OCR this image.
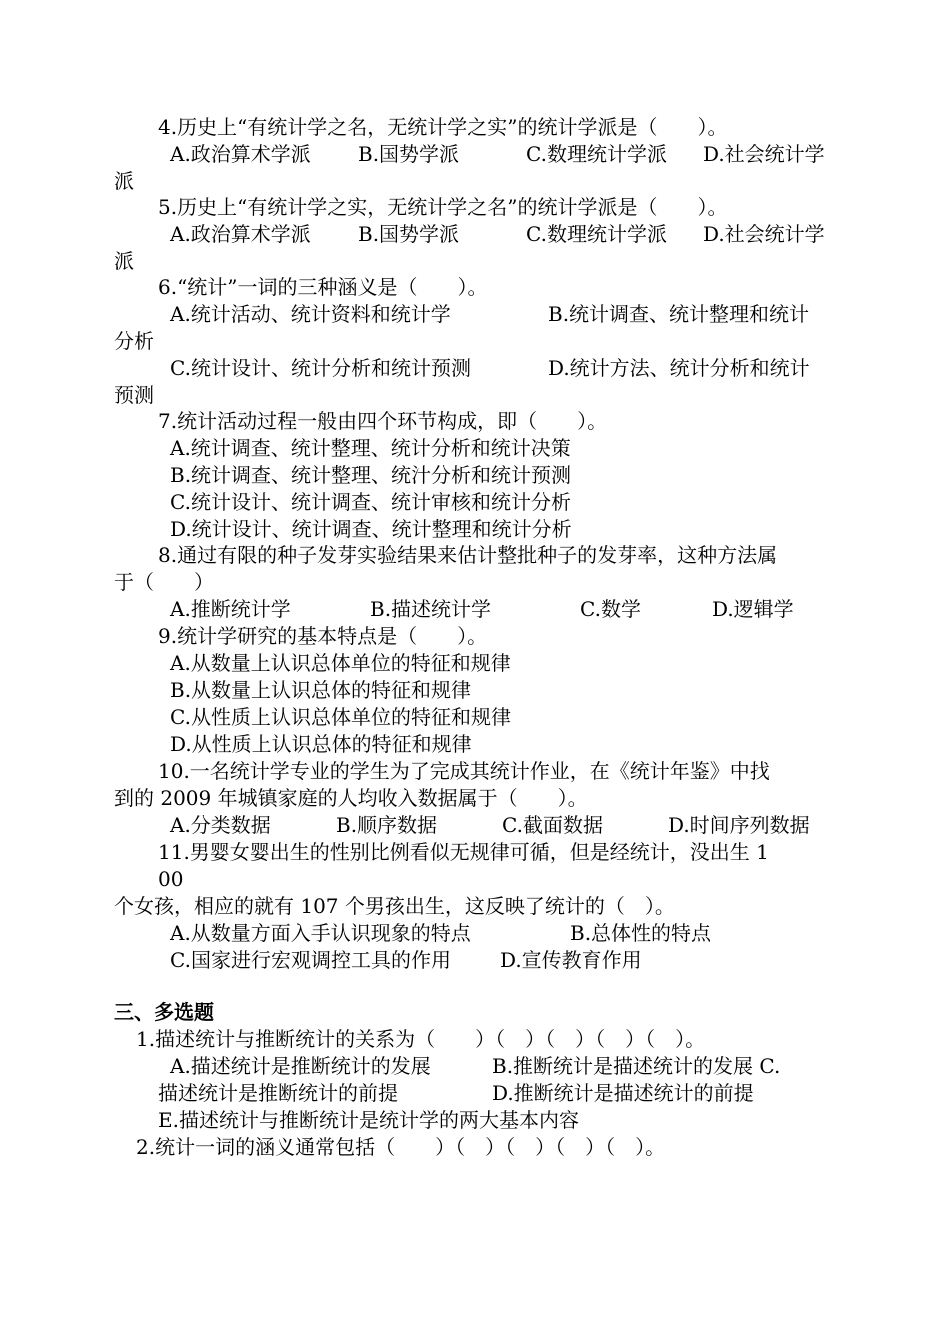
4.历史上“有统计学之名，无统计学之实”的统计学派是（　　）。
A.政治算术学派 B.国势学派	C.数理统计学派 D.社会统计学
派
5.历史上“有统计学之实，无统计学之名”的统计学派是（　　）。
A.政治算术学派 B.国势学派	C.数理统计学派 D.社会统计学
派
6.“统计”一词的三种涵义是（　　）。
A.统计活动、统计资料和统计学	B.统计调查、统计整理和统计
分析
C.统计设计、统计分析和统计预测	D.统计方法、统计分析和统计
预测
7.统计活动过程一般由四个环节构成，即（　　）。
A.统计调查、统计整理、统计分析和统计决策
B.统计调查、统计整理、统汁分析和统计预测
C.统计设计、统计调查、统计审核和统计分析
D.统计设计、统计调查、统计整理和统计分析
8.通过有限的种子发芽实验结果来估计整批种子的发芽率，这种方法属
于（　　）
A.推断统计学	B.描述统计学	C.数学	D.逻辑学
9.统计学研究的基本特点是（　　）。
A.从数量上认识总体单位的特征和规律
B.从数量上认识总体的特征和规律
C.从性质上认识总体单位的特征和规律
D.从性质上认识总体的特征和规律
10.一名统计学专业的学生为了完成其统计作业，在《统计年鉴》中找
到的 2009 年城镇家庭的人均收入数据属于（　　）。
A.分类数据	B.顺序数据	C.截面数据	D.时间序列数据
11.男婴女婴出生的性别比例看似无规律可循，但是经统计，没出生 1
00
个女孩，相应的就有 107 个男孩出生，这反映了统计的（　）。
A.从数量方面入手认识现象的特点	B.总体性的特点
C.国家进行宏观调控工具的作用 D.宣传教育作用
三、多选题
1.描述统计与推断统计的关系为（　　）（　）（　）（　）（　）。
A.描述统计是推断统计的发展	B.推断统计是描述统计的发展 C.
描述统计是推断统计的前提	D.推断统计是描述统计的前提
E.描述统计与推断统计是统计学的两大基本内容
2.统计一词的涵义通常包括（　　）（　）（　）（　）（　）。
